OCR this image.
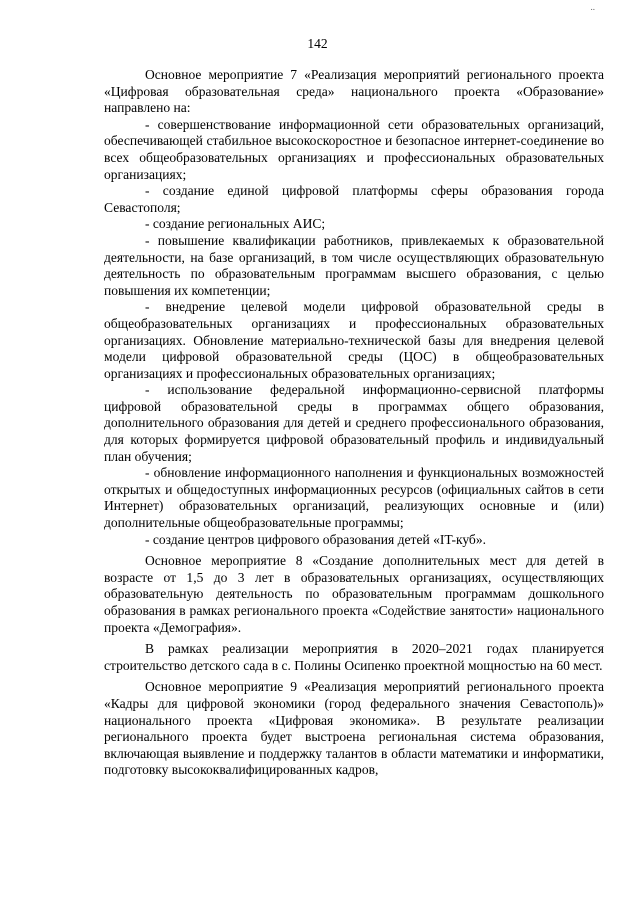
..
142

Основное мероприятие 7 «Реализация мероприятий регионального проекта «Цифровая образовательная среда» национального проекта «Образование» направлено на:

- совершенствование информационной сети образовательных организаций, обеспечивающей стабильное высокоскоростное и безопасное интернет-соединение во всех общеобразовательных организациях и профессиональных образовательных организациях;

- создание единой цифровой платформы сферы образования города Севастополя;

- создание региональных АИС;

- повышение квалификации работников, привлекаемых к образовательной деятельности, на базе организаций, в том числе осуществляющих образовательную деятельность по образовательным программам высшего образования, с целью повышения их компетенции;

- внедрение целевой модели цифровой образовательной среды в общеобразовательных организациях и профессиональных образовательных организациях. Обновление материально-технической базы для внедрения целевой модели цифровой образовательной среды (ЦОС) в общеобразовательных организациях и профессиональных образовательных организациях;

- использование федеральной информационно-сервисной платформы цифровой образовательной среды в программах общего образования, дополнительного образования для детей и среднего профессионального образования, для которых формируется цифровой образовательный профиль и индивидуальный план обучения;

- обновление информационного наполнения и функциональных возможностей открытых и общедоступных информационных ресурсов (официальных сайтов в сети Интернет) образовательных организаций, реализующих основные и (или) дополнительные общеобразовательные программы;

- создание центров цифрового образования детей «IT-куб».

Основное мероприятие 8 «Создание дополнительных мест для детей в возрасте от 1,5 до 3 лет в образовательных организациях, осуществляющих образовательную деятельность по образовательным программам дошкольного образования в рамках регионального проекта «Содействие занятости» национального проекта «Демография».

В рамках реализации мероприятия в 2020–2021 годах планируется строительство детского сада в с. Полины Осипенко проектной мощностью на 60 мест.

Основное мероприятие 9 «Реализация мероприятий регионального проекта «Кадры для цифровой экономики (город федерального значения Севастополь)» национального проекта «Цифровая экономика». В результате реализации регионального проекта будет выстроена региональная система образования, включающая выявление и поддержку талантов в области математики и информатики, подготовку высококвалифицированных кадров,
